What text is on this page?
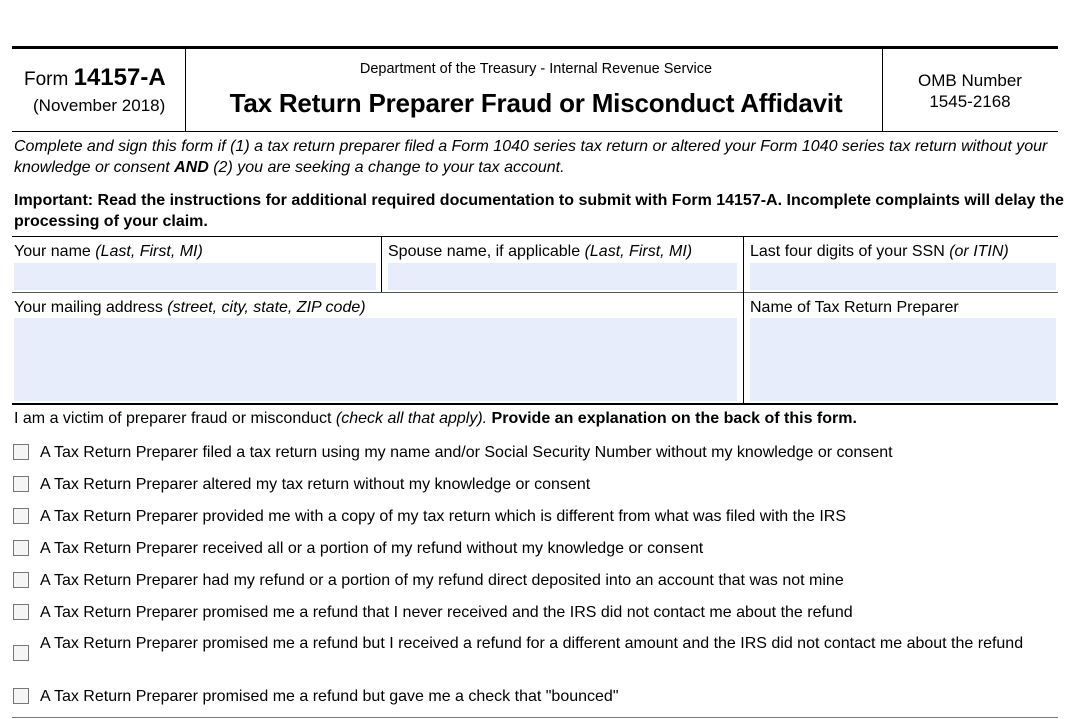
Form 14157-A
(November 2018)
Department of the Treasury - Internal Revenue Service
Tax Return Preparer Fraud or Misconduct Affidavit
OMB Number
1545-2168
Complete and sign this form if (1) a tax return preparer filed a Form 1040 series tax return or altered your Form 1040 series tax return without your knowledge or consent AND (2) you are seeking a change to your tax account.
Important: Read the instructions for additional required documentation to submit with Form 14157-A. Incomplete complaints will delay the processing of your claim.
Your name (Last, First, MI)	Spouse name, if applicable (Last, First, MI)	Last four digits of your SSN (or ITIN)
Your mailing address (street, city, state, ZIP code)	Name of Tax Return Preparer
I am a victim of preparer fraud or misconduct (check all that apply). Provide an explanation on the back of this form.
A Tax Return Preparer filed a tax return using my name and/or Social Security Number without my knowledge or consent
A Tax Return Preparer altered my tax return without my knowledge or consent
A Tax Return Preparer provided me with a copy of my tax return which is different from what was filed with the IRS
A Tax Return Preparer received all or a portion of my refund without my knowledge or consent
A Tax Return Preparer had my refund or a portion of my refund direct deposited into an account that was not mine
A Tax Return Preparer promised me a refund that I never received and the IRS did not contact me about the refund
A Tax Return Preparer promised me a refund but I received a refund for a different amount and the IRS did not contact me about the refund
A Tax Return Preparer promised me a refund but gave me a check that "bounced"
